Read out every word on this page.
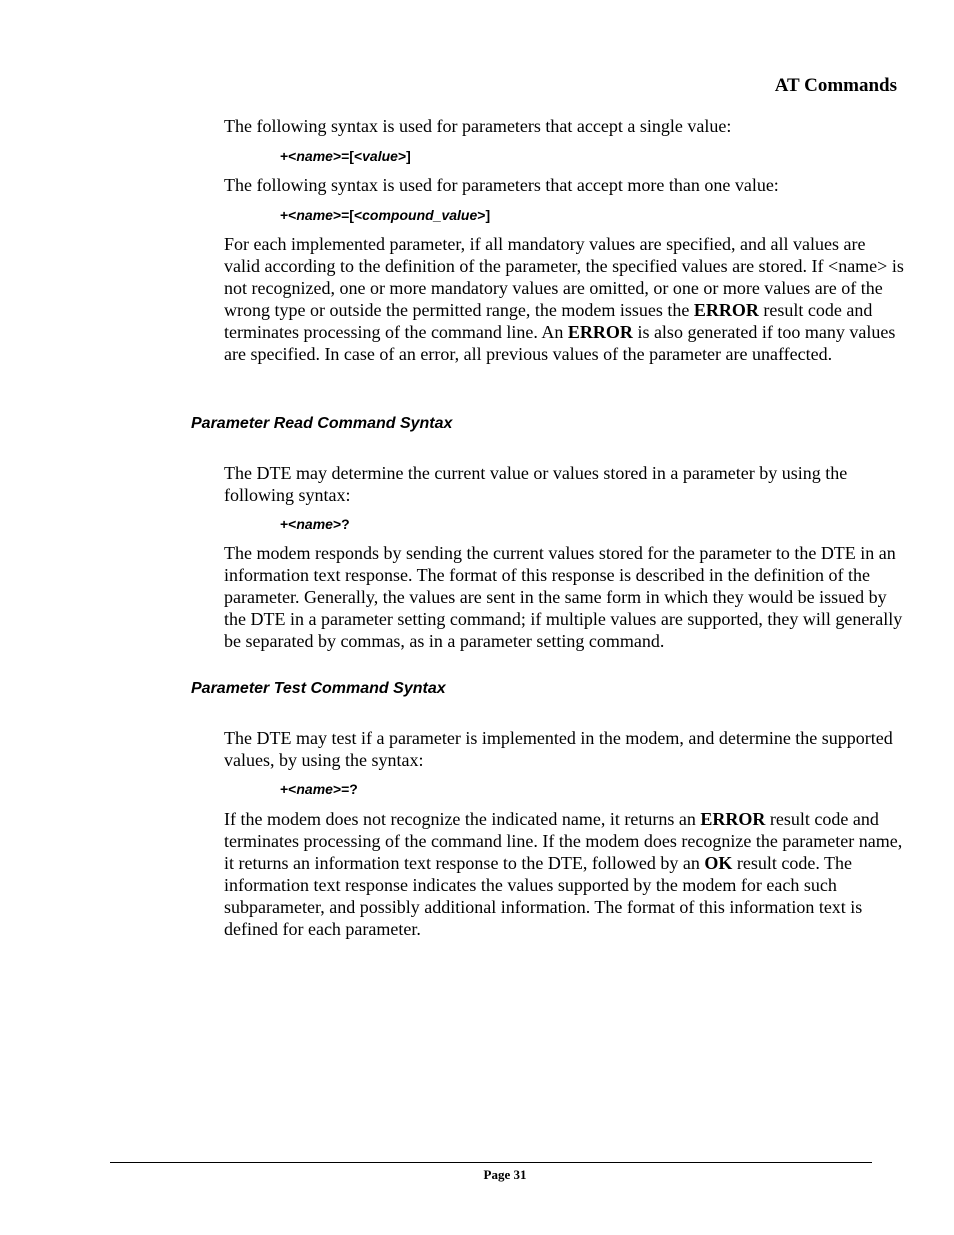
AT Commands

The following syntax is used for parameters that accept a single value:

+<name>=[<value>]

The following syntax is used for parameters that accept more than one value:

+<name>=[<compound_value>]

For each implemented parameter, if all mandatory values are specified, and all values are valid according to the definition of the parameter, the specified values are stored. If <name> is not recognized, one or more mandatory values are omitted, or one or more values are of the wrong type or outside the permitted range, the modem issues the ERROR result code and terminates processing of the command line. An ERROR is also generated if too many values are specified. In case of an error, all previous values of the parameter are unaffected.

Parameter Read Command Syntax

The DTE may determine the current value or values stored in a parameter by using the following syntax:

+<name>?

The modem responds by sending the current values stored for the parameter to the DTE in an information text response. The format of this response is described in the definition of the parameter. Generally, the values are sent in the same form in which they would be issued by the DTE in a parameter setting command; if multiple values are supported, they will generally be separated by commas, as in a parameter setting command.

Parameter Test Command Syntax

The DTE may test if a parameter is implemented in the modem, and determine the supported values, by using the syntax:

+<name>=?

If the modem does not recognize the indicated name, it returns an ERROR result code and terminates processing of the command line. If the modem does recognize the parameter name, it returns an information text response to the DTE, followed by an OK result code. The information text response indicates the values supported by the modem for each such subparameter, and possibly additional information. The format of this information text is defined for each parameter.

Page 31
